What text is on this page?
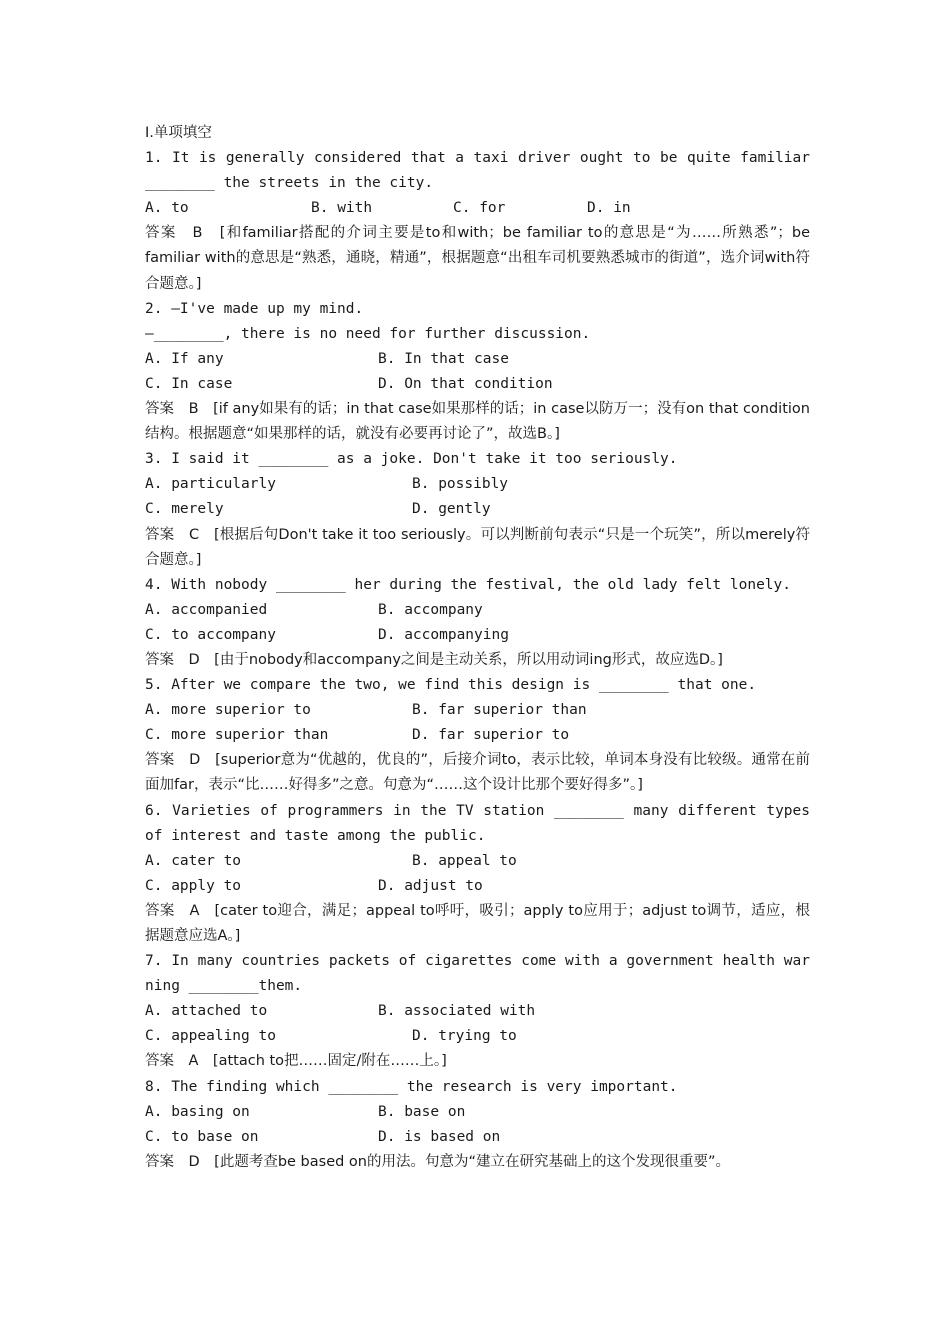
Ⅰ.单项填空
1. It is generally considered that a taxi driver ought to be quite familiar ________ the streets in the city.
A. to	B. with	C. for	D. in
答案　B　[和familiar搭配的介词主要是to和with；be familiar to的意思是“为……所熟悉”；be familiar with的意思是“熟悉，通晓，精通”，根据题意“出租车司机要熟悉城市的街道”，选介词with符合题意。]
2. —I've made up my mind.
—________, there is no need for further discussion.
A. If any	B. In that case
C. In case	D. On that condition
答案　B　[if any如果有的话；in that case如果那样的话；in case以防万一；没有on that condition结构。根据题意“如果那样的话，就没有必要再讨论了”，故选B。]
3. I said it ________ as a joke. Don't take it too seriously.
A. particularly	B. possibly
C. merely	D. gently
答案　C　[根据后句Don't take it too seriously。可以判断前句表示“只是一个玩笑”，所以merely符合题意。]
4. With nobody ________ her during the festival, the old lady felt lonely.
A. accompanied	B. accompany
C. to accompany	D. accompanying
答案　D　[由于nobody和accompany之间是主动关系，所以用动词ing形式，故应选D。]
5. After we compare the two, we find this design is ________ that one.
A. more superior to	B. far superior than
C. more superior than	D. far superior to
答案　D　[superior意为“优越的，优良的”，后接介词to，表示比较，单词本身没有比较级。通常在前面加far，表示“比……好得多”之意。句意为“……这个设计比那个要好得多”。]
6. Varieties of programmers in the TV station ________ many different types of interest and taste among the public.
A. cater to	B. appeal to
C. apply to	D. adjust to
答案　A　[cater to迎合，满足；appeal to呼吁，吸引；apply to应用于；adjust to调节，适应，根据题意应选A。]
7. In many countries packets of cigarettes come with a government health warning ________them.
A. attached to	B. associated with
C. appealing to	D. trying to
答案　A　[attach to把……固定/附在……上。]
8. The finding which ________ the research is very important.
A. basing on	B. base on
C. to base on	D. is based on
答案　D　[此题考查be based on的用法。句意为“建立在研究基础上的这个发现很重要”。
